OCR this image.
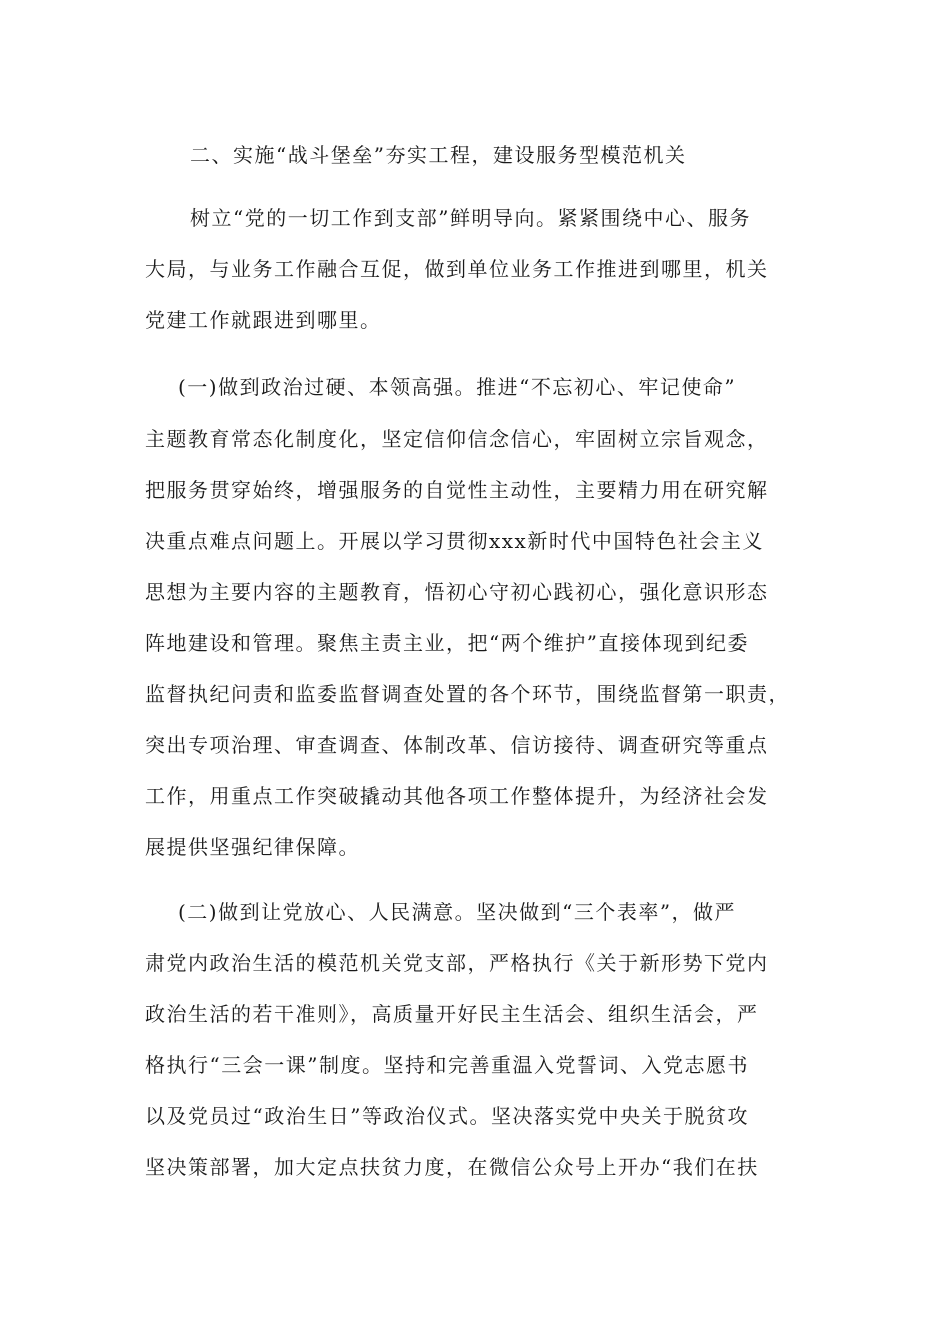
二、实施“战斗堡垒”夯实工程，建设服务型模范机关
树立“党的一切工作到支部”鲜明导向。紧紧围绕中心、服务
大局，与业务工作融合互促，做到单位业务工作推进到哪里，机关
党建工作就跟进到哪里。
(一)做到政治过硬、本领高强。推进“不忘初心、牢记使命”
主题教育常态化制度化，坚定信仰信念信心，牢固树立宗旨观念，
把服务贯穿始终，增强服务的自觉性主动性，主要精力用在研究解
决重点难点问题上。开展以学习贯彻xxx新时代中国特色社会主义
思想为主要内容的主题教育，悟初心守初心践初心，强化意识形态
阵地建设和管理。聚焦主责主业，把“两个维护”直接体现到纪委
监督执纪问责和监委监督调查处置的各个环节，围绕监督第一职责，
突出专项治理、审查调查、体制改革、信访接待、调查研究等重点
工作，用重点工作突破撬动其他各项工作整体提升，为经济社会发
展提供坚强纪律保障。
(二)做到让党放心、人民满意。坚决做到“三个表率”，做严
肃党内政治生活的模范机关党支部，严格执行《关于新形势下党内
政治生活的若干准则》，高质量开好民主生活会、组织生活会，严
格执行“三会一课”制度。坚持和完善重温入党誓词、入党志愿书
以及党员过“政治生日”等政治仪式。坚决落实党中央关于脱贫攻
坚决策部署，加大定点扶贫力度，在微信公众号上开办“我们在扶
